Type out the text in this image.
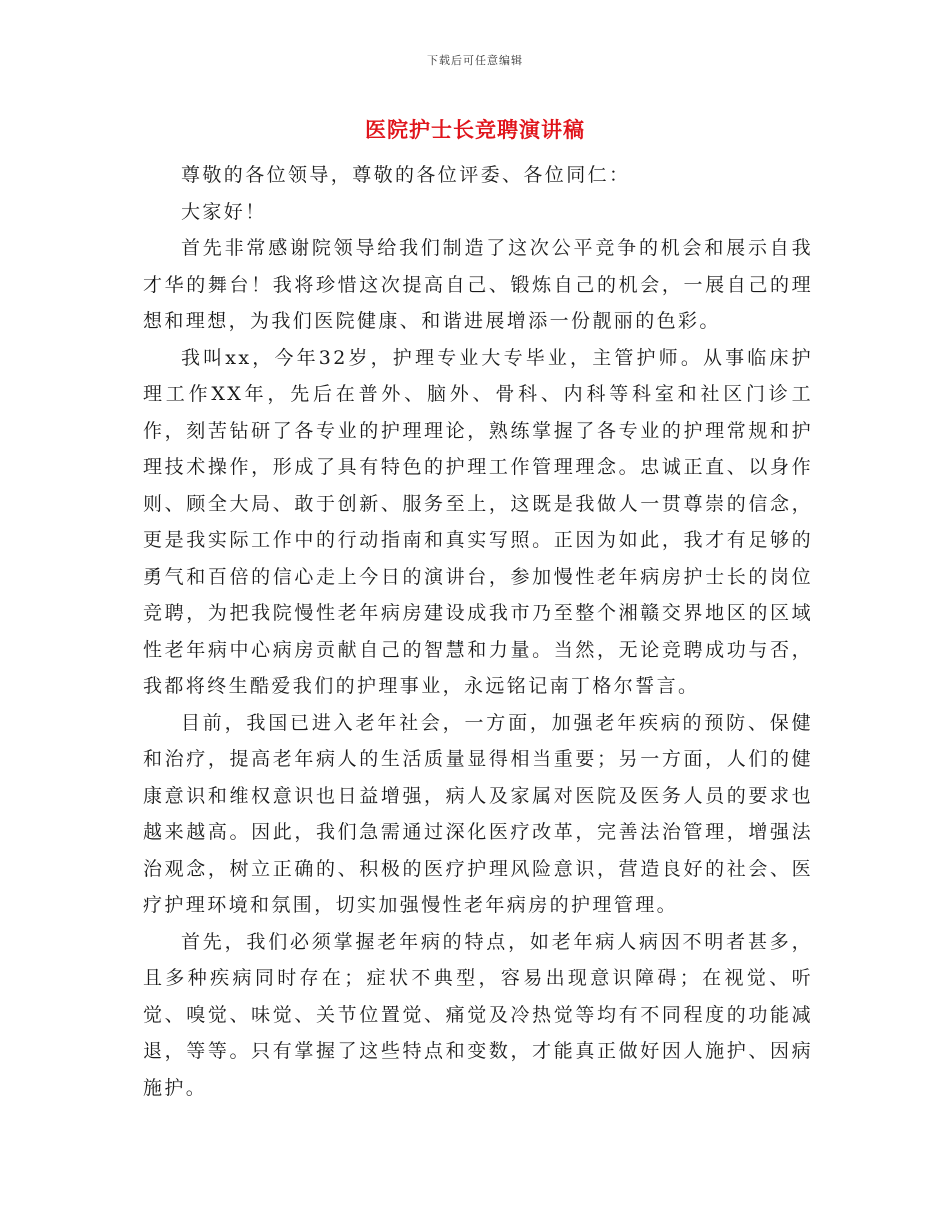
下载后可任意编辑
医院护士长竞聘演讲稿

尊敬的各位领导，尊敬的各位评委、各位同仁：

大家好！

首先非常感谢院领导给我们制造了这次公平竞争的机会和展示自我才华的舞台！我将珍惜这次提高自己、锻炼自己的机会，一展自己的理想和理想，为我们医院健康、和谐进展增添一份靓丽的色彩。

我叫xx，今年32岁，护理专业大专毕业，主管护师。从事临床护理工作XX年，先后在普外、脑外、骨科、内科等科室和社区门诊工作，刻苦钻研了各专业的护理理论，熟练掌握了各专业的护理常规和护理技术操作，形成了具有特色的护理工作管理理念。忠诚正直、以身作则、顾全大局、敢于创新、服务至上，这既是我做人一贯尊崇的信念，更是我实际工作中的行动指南和真实写照。正因为如此，我才有足够的勇气和百倍的信心走上今日的演讲台，参加慢性老年病房护士长的岗位竞聘，为把我院慢性老年病房建设成我市乃至整个湘赣交界地区的区域性老年病中心病房贡献自己的智慧和力量。当然，无论竞聘成功与否，我都将终生酷爱我们的护理事业，永远铭记南丁格尔誓言。

目前，我国已进入老年社会，一方面，加强老年疾病的预防、保健和治疗，提高老年病人的生活质量显得相当重要；另一方面，人们的健康意识和维权意识也日益增强，病人及家属对医院及医务人员的要求也越来越高。因此，我们急需通过深化医疗改革，完善法治管理，增强法治观念，树立正确的、积极的医疗护理风险意识，营造良好的社会、医疗护理环境和氛围，切实加强慢性老年病房的护理管理。

首先，我们必须掌握老年病的特点，如老年病人病因不明者甚多，且多种疾病同时存在；症状不典型，容易出现意识障碍；在视觉、听觉、嗅觉、味觉、关节位置觉、痛觉及冷热觉等均有不同程度的功能减退，等等。只有掌握了这些特点和变数，才能真正做好因人施护、因病施护。
